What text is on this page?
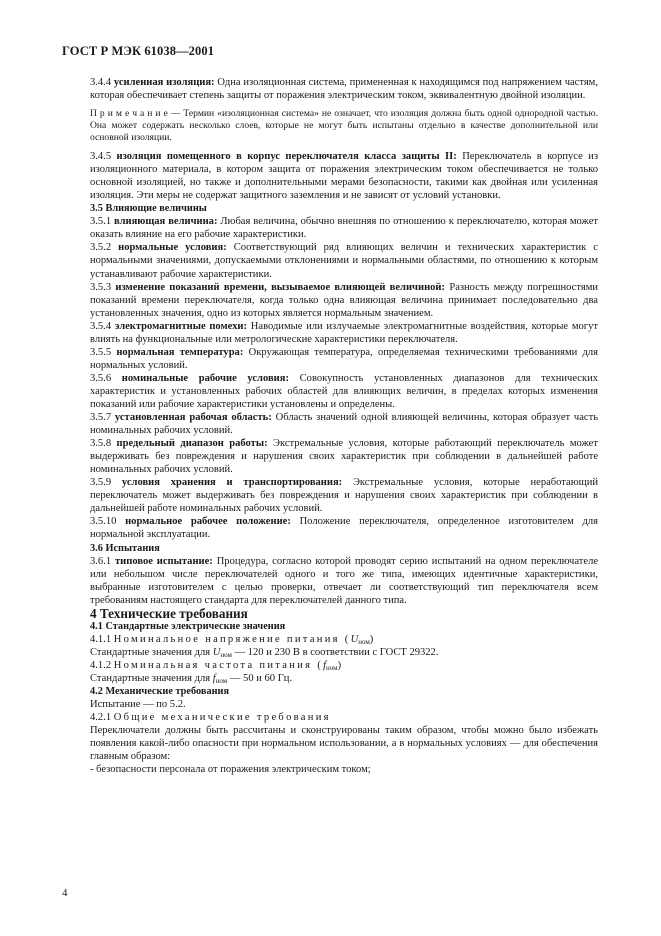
ГОСТ Р МЭК 61038—2001

3.4.4 усиленная изоляция: Одна изоляционная система, примененная к находящимся под напряжением частям, которая обеспечивает степень защиты от поражения электрическим током, эквивалентную двойной изоляции.

П р и м е ч а н и е — Термин «изоляционная система» не означает, что изоляция должна быть одной однородной частью. Она может содержать несколько слоев, которые не могут быть испытаны отдельно в качестве дополнительной или основной изоляции.

3.4.5 изоляция помещенного в корпус переключателя класса защиты II: Переключатель в корпусе из изоляционного материала, в котором защита от поражения электрическим током обеспечивается не только основной изоляцией, но также и дополнительными мерами безопасности, такими как двойная или усиленная изоляция. Эти меры не содержат защитного заземления и не зависят от условий установки.

3.5 Влияющие величины

3.5.1 влияющая величина: Любая величина, обычно внешняя по отношению к переключателю, которая может оказать влияние на его рабочие характеристики.

3.5.2 нормальные условия: Соответствующий ряд влияющих величин и технических характеристик с нормальными значениями, допускаемыми отклонениями и нормальными областями, по отношению к которым устанавливают рабочие характеристики.

3.5.3 изменение показаний времени, вызываемое влияющей величиной: Разность между погрешностями показаний времени переключателя, когда только одна влияющая величина принимает последовательно два установленных значения, одно из которых является нормальным значением.

3.5.4 электромагнитные помехи: Наводимые или излучаемые электромагнитные воздействия, которые могут влиять на функциональные или метрологические характеристики переключателя.

3.5.5 нормальная температура: Окружающая температура, определяемая техническими требованиями для нормальных условий.

3.5.6 номинальные рабочие условия: Совокупность установленных диапазонов для технических характеристик и установленных рабочих областей для влияющих величин, в пределах которых изменения показаний или рабочие характеристики установлены и определены.

3.5.7 установленная рабочая область: Область значений одной влияющей величины, которая образует часть номинальных рабочих условий.

3.5.8 предельный диапазон работы: Экстремальные условия, которые работающий переключатель может выдерживать без повреждения и нарушения своих характеристик при соблюдении в дальнейшей работе номинальных рабочих условий.

3.5.9 условия хранения и транспортирования: Экстремальные условия, которые неработающий переключатель может выдерживать без повреждения и нарушения своих характеристик при соблюдении в дальнейшей работе номинальных рабочих условий.

3.5.10 нормальное рабочее положение: Положение переключателя, определенное изготовителем для нормальной эксплуатации.

3.6 Испытания

3.6.1 типовое испытание: Процедура, согласно которой проводят серию испытаний на одном переключателе или небольшом числе переключателей одного и того же типа, имеющих идентичные характеристики, выбранные изготовителем с целью проверки, отвечает ли соответствующий тип переключателя всем требованиям настоящего стандарта для переключателей данного типа.

4 Технические требования

4.1 Стандартные электрические значения

4.1.1 Номинальное напряжение питания $(U_{ном})$

Стандартные значения для $U_{ном}$ — 120 и 230 В в соответствии с ГОСТ 29322.

4.1.2 Номинальная частота питания $(f_{ном})$

Стандартные значения для $f_{ном}$ — 50 и 60 Гц.

4.2 Механические требования

Испытание — по 5.2.

4.2.1 Общие механические требования

Переключатели должны быть рассчитаны и сконструированы таким образом, чтобы можно было избежать появления какой-либо опасности при нормальном использовании, а в нормальных условиях — для обеспечения главным образом:

- безопасности персонала от поражения электрическим током;

4
